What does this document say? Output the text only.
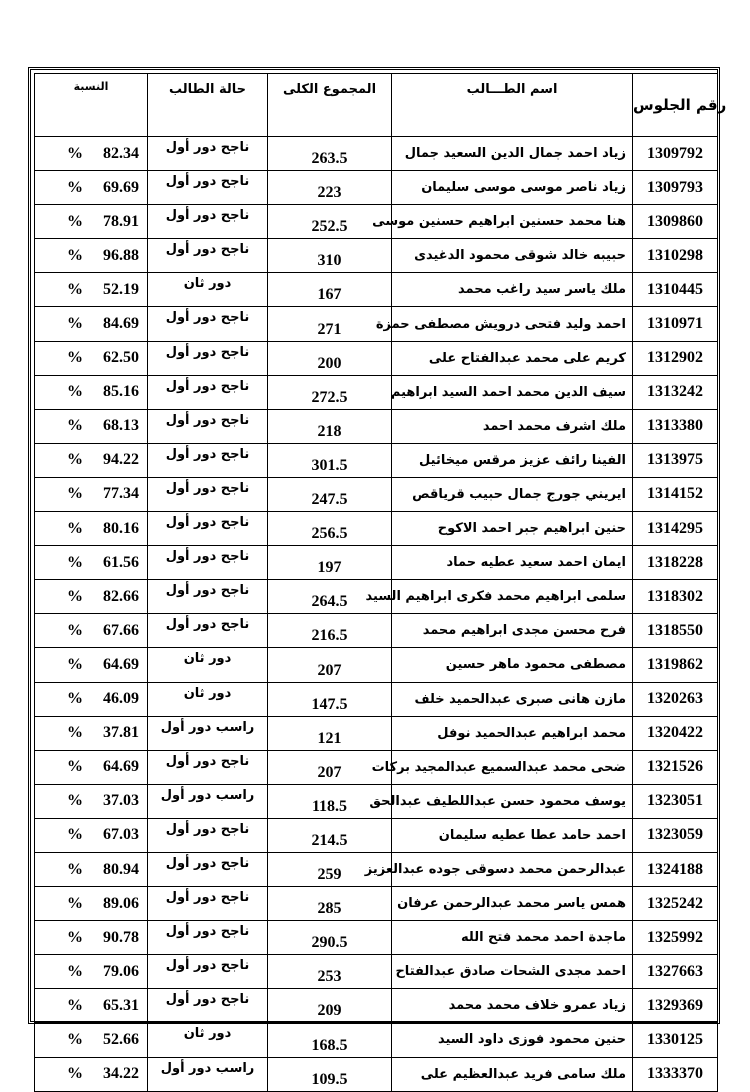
النسبة	حالة الطالب	المجموع الكلى	اسم الطـــالب	رقم الجلوس

% 82.34	ناجح دور أول	263.5	زياد احمد جمال الدين السعيد جمال	1309792

% 69.69	ناجح دور أول	223	زياد ناصر موسى موسى سليمان	1309793

% 78.91	ناجح دور أول	252.5	هنا محمد حسنين ابراهيم حسنين موسى	1309860

% 96.88	ناجح دور أول	310	حبيبه خالد شوقى محمود الدغيدى	1310298

% 52.19	دور ثان	167	ملك ياسر سيد راغب محمد	1310445

% 84.69	ناجح دور أول	271	احمد وليد فتحى درويش مصطفى حمزة	1310971

% 62.50	ناجح دور أول	200	كريم على محمد عبدالفتاح على	1312902

% 85.16	ناجح دور أول	272.5	سيف الدين محمد احمد السيد ابراهيم	1313242

% 68.13	ناجح دور أول	218	ملك اشرف محمد احمد	1313380

% 94.22	ناجح دور أول	301.5	الفينا رائف عزيز مرقس ميخائيل	1313975

% 77.34	ناجح دور أول	247.5	ايريني جورج جمال حبيب قرياقص	1314152

% 80.16	ناجح دور أول	256.5	حنين ابراهيم جبر احمد الاكوح	1314295

% 61.56	ناجح دور أول	197	ايمان احمد سعيد عطيه حماد	1318228

% 82.66	ناجح دور أول	264.5	سلمى ابراهيم محمد فكرى ابراهيم السيد	1318302

% 67.66	ناجح دور أول	216.5	فرح محسن مجدى ابراهيم محمد	1318550

% 64.69	دور ثان	207	مصطفى محمود ماهر حسين	1319862

% 46.09	دور ثان	147.5	مازن هانى صبرى عبدالحميد خلف	1320263

% 37.81	راسب دور أول	121	محمد ابراهيم عبدالحميد نوفل	1320422

% 64.69	ناجح دور أول	207	ضحى محمد عبدالسميع عبدالمجيد بركات	1321526

% 37.03	راسب دور أول	118.5	يوسف محمود حسن عبداللطيف عبدالحق	1323051

% 67.03	ناجح دور أول	214.5	احمد حامد عطا عطيه سليمان	1323059

% 80.94	ناجح دور أول	259	عبدالرحمن محمد دسوقى جوده عبدالعزيز	1324188

% 89.06	ناجح دور أول	285	همس ياسر محمد عبدالرحمن عرفان	1325242

% 90.78	ناجح دور أول	290.5	ماجدة احمد محمد فتح الله	1325992

% 79.06	ناجح دور أول	253	احمد مجدى الشحات صادق عبدالفتاح	1327663

% 65.31	ناجح دور أول	209	زياد عمرو خلاف محمد محمد	1329369

% 52.66	دور ثان	168.5	حنين محمود فوزى داود السيد	1330125

% 34.22	راسب دور أول	109.5	ملك سامى فريد عبدالعظيم على	1333370
